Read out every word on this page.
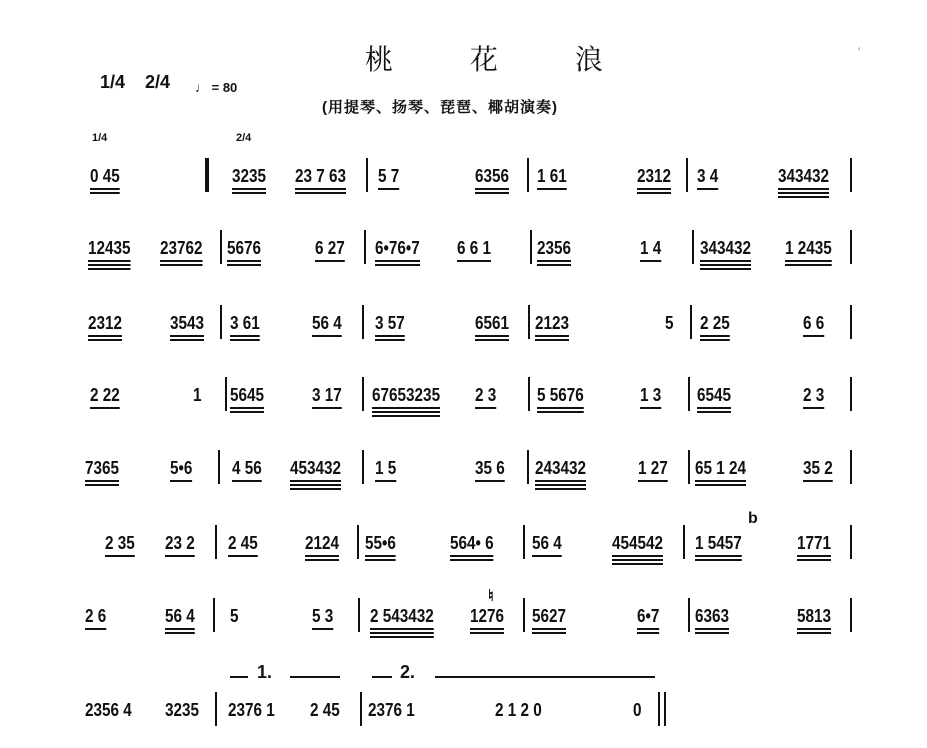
桃 花 浪	'
1/4 2/4 ♩ = 80
(用提琴、扬琴、琵琶、椰胡演奏)
1/4	2/4
b
♮
1.	2.
0 45	3235 23 7 63 5 7	6356 1 61	2312 3 4	343432
12435 23762 5676	6 27 6•76•7 6 6 1	2356	1 4 343432 1 2435
2312	3543 3 61	56 4 3 57	6561 2123	5 2 25	6 6
2 22	1 5645	3 17 67653235 2 3 5 5676	1 3 6545	2 3
7365	5•6 4 56 453432 1 5	35 6 243432	1 27 65 1 24	35 2
2 35 23 2 2 45	2124 55•6	564• 6 56 4	454542 1 5457	1771
2 6	56 4 5	5 3 2 543432 1276 5627	6•7 6363	5813
2356 4 3235 2376 1 2 45 2376 1	2 1 2 0	0
